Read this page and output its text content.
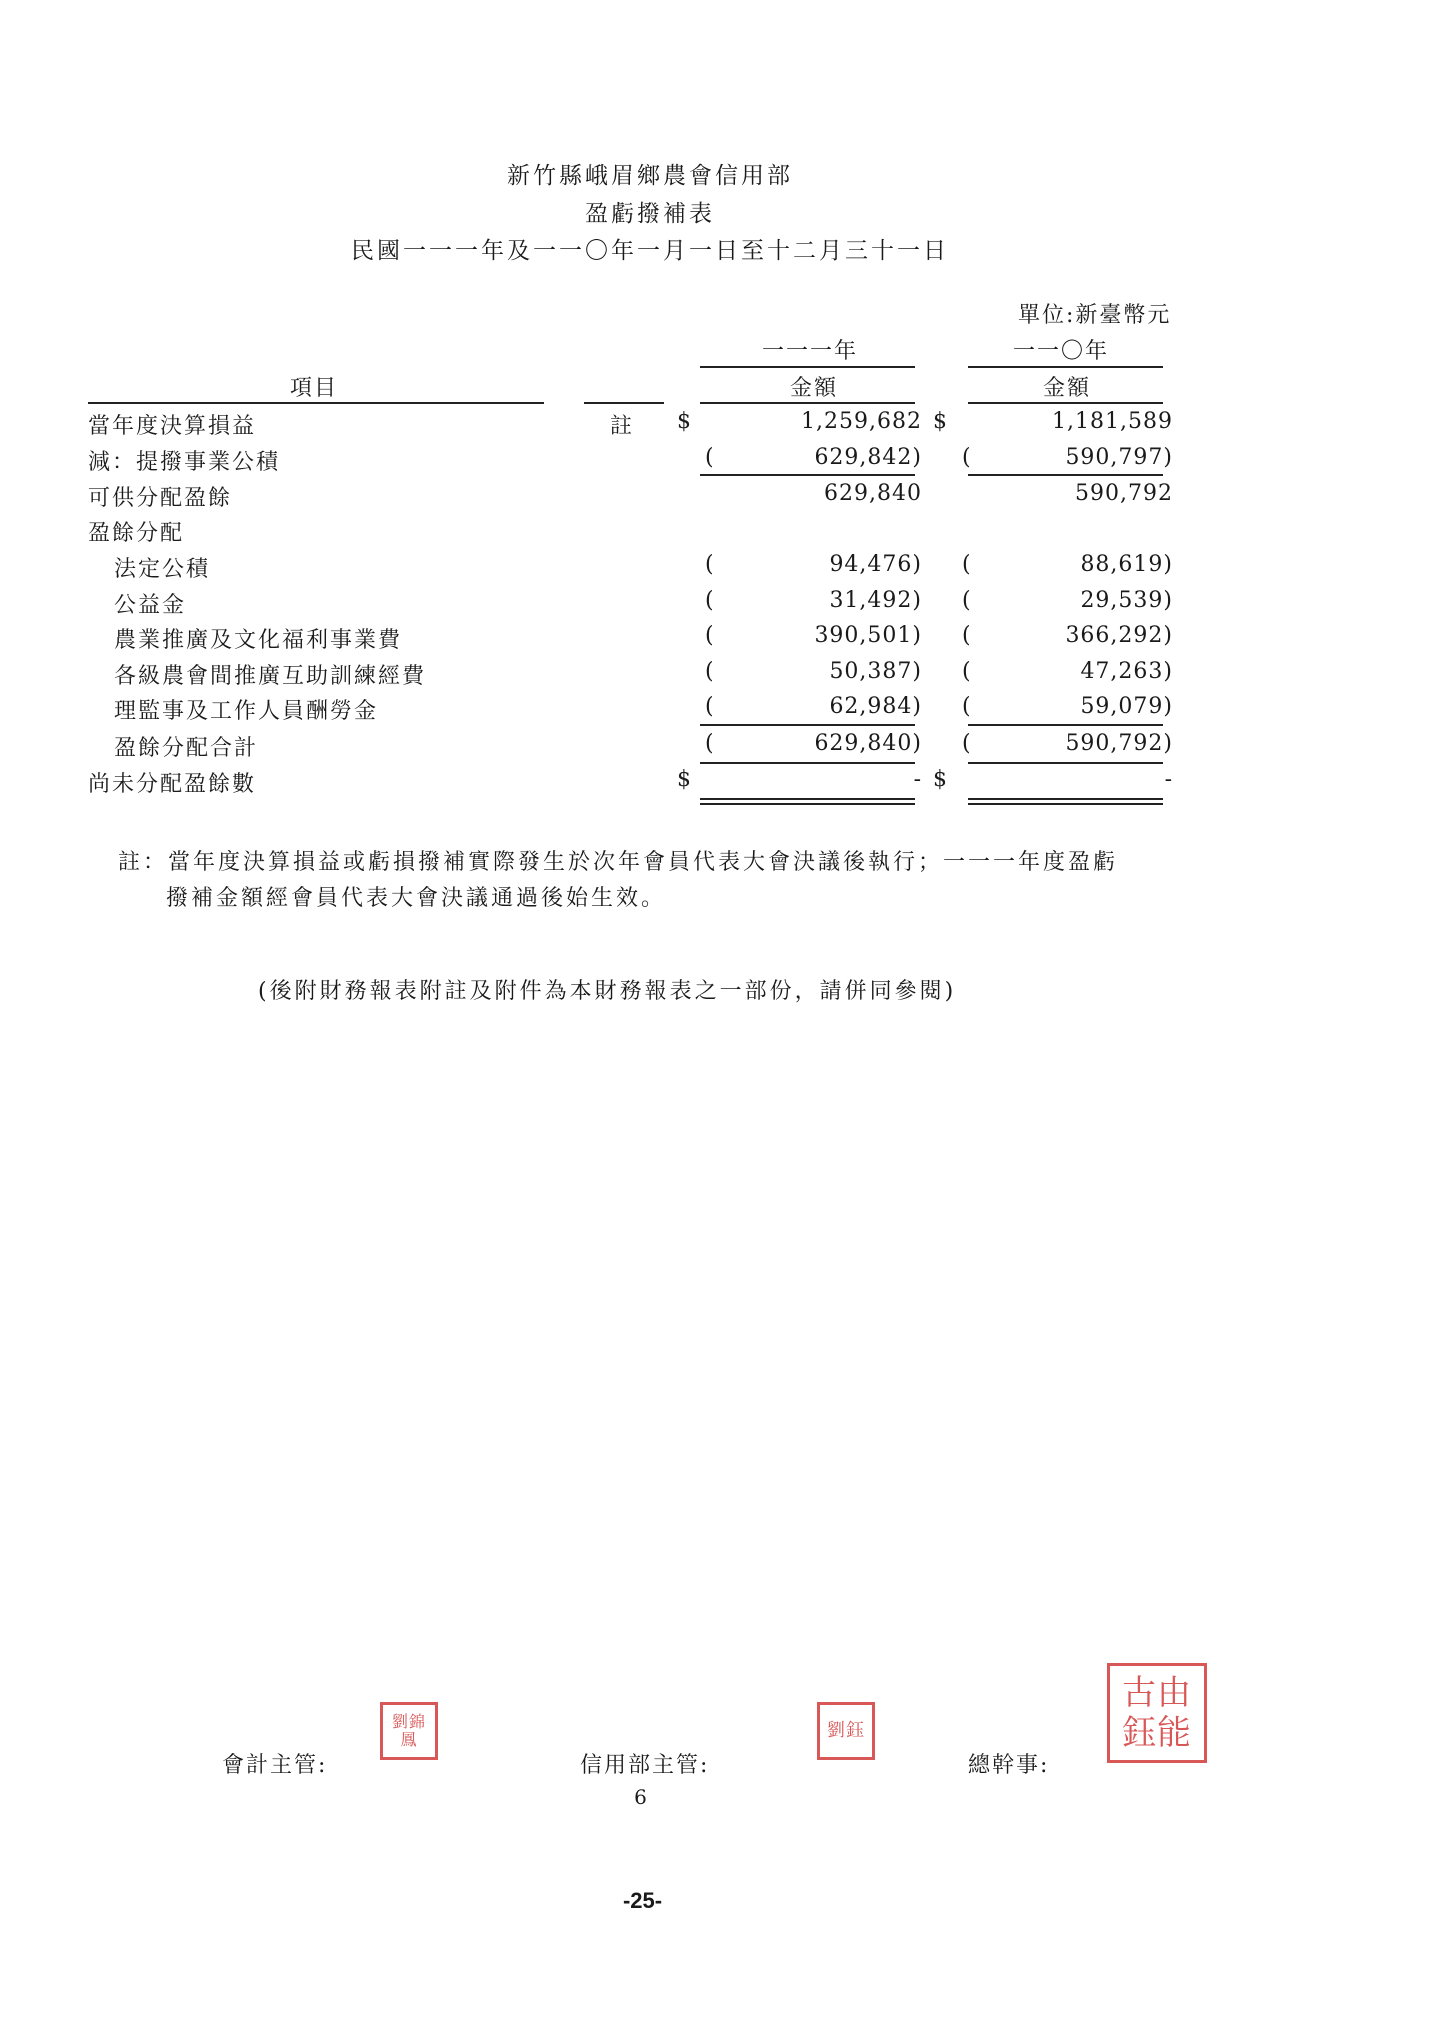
新竹縣峨眉鄉農會信用部
盈虧撥補表
民國一一一年及一一〇年一月一日至十二月三十一日
單位:新臺幣元
一一一年	一一〇年
項目	金額	金額
當年度決算損益	註 $	1,259,682 $	1,181,589
減：提撥事業公積	(	629,842) (	590,797)
可供分配盈餘	629,840	590,792
盈餘分配
法定公積	(	94,476) (	88,619)
公益金	(	31,492) (	29,539)
農業推廣及文化福利事業費	(	390,501) (	366,292)
各級農會間推廣互助訓練經費	(	50,387) (	47,263)
理監事及工作人員酬勞金	(	62,984) (	59,079)
盈餘分配合計	(	629,840) (	590,792)
尚未分配盈餘數	$	- $	-
註：當年度決算損益或虧損撥補實際發生於次年會員代表大會決議後執行；一一一年度盈虧
撥補金額經會員代表大會決議通過後始生效。
(後附財務報表附註及附件為本財務報表之一部份，請併同參閱)
會計主管:	信用部主管:	總幹事:
劉錦鳳	劉鈺
古由鈺能
6
-25-
